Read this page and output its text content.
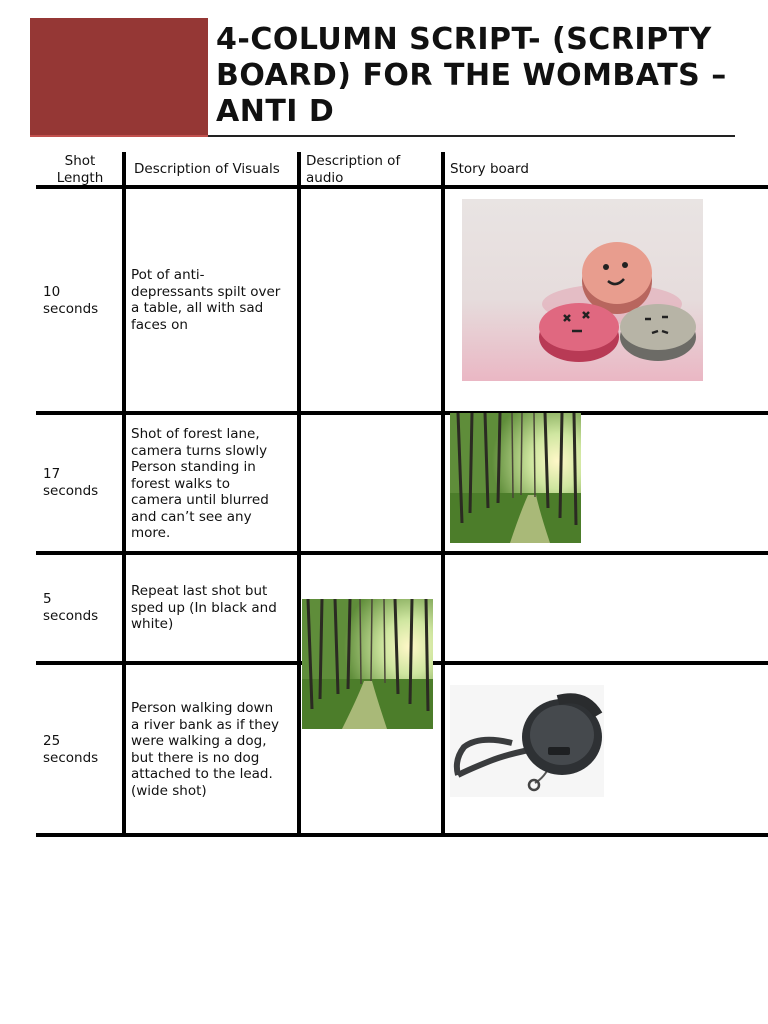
4-COLUMN SCRIPT- (SCRIPTY BOARD) FOR THE WOMBATS – ANTI D
Shot
Length
Description of Visuals	Description of
audio
Story board
10
seconds
Pot of anti-
depressants spilt over
a table, all with sad
faces on
17
seconds
Shot of forest lane,
camera turns slowly
Person standing in
forest walks to
camera until blurred
and can’t see any
more.
5
seconds
Repeat last shot but
sped up (In black and
white)
25
seconds
Person walking down
a river bank as if they
were walking a dog,
but there is no dog
attached to the lead.
(wide shot)
